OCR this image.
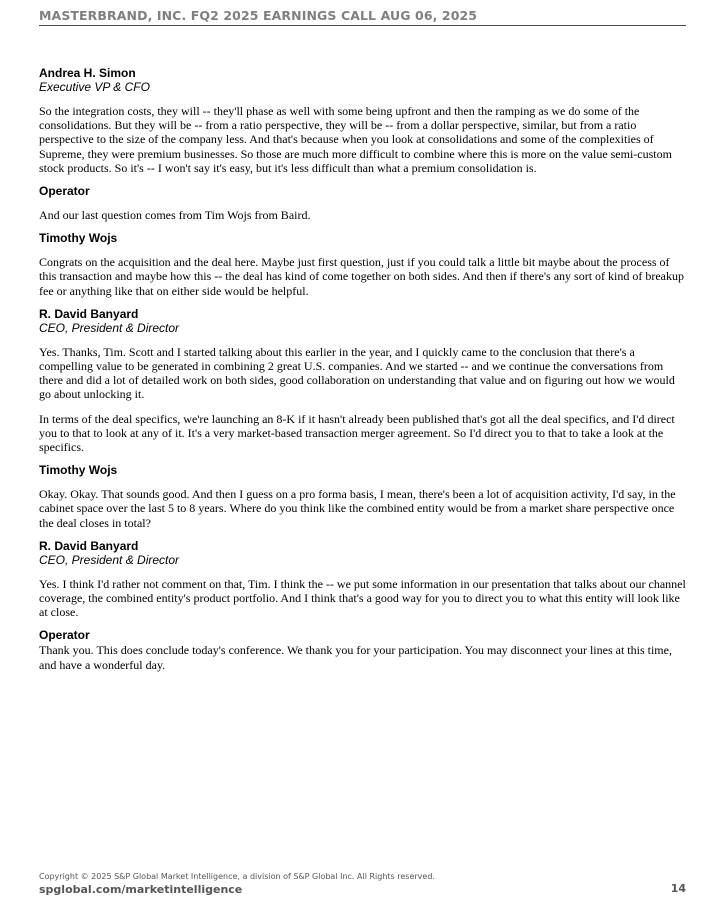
MASTERBRAND, INC. FQ2 2025 EARNINGS CALL AUG 06, 2025
Andrea H. Simon
Executive VP & CFO

So the integration costs, they will -- they'll phase as well with some being upfront and then the ramping as we do some of the consolidations. But they will be -- from a ratio perspective, they will be -- from a dollar perspective, similar, but from a ratio perspective to the size of the company less. And that's because when you look at consolidations and some of the complexities of Supreme, they were premium businesses. So those are much more difficult to combine where this is more on the value semi-custom stock products. So it's -- I won't say it's easy, but it's less difficult than what a premium consolidation is.

Operator

And our last question comes from Tim Wojs from Baird.

Timothy Wojs

Congrats on the acquisition and the deal here. Maybe just first question, just if you could talk a little bit maybe about the process of this transaction and maybe how this -- the deal has kind of come together on both sides. And then if there's any sort of kind of breakup fee or anything like that on either side would be helpful.

R. David Banyard
CEO, President & Director

Yes. Thanks, Tim. Scott and I started talking about this earlier in the year, and I quickly came to the conclusion that there's a compelling value to be generated in combining 2 great U.S. companies. And we started -- and we continue the conversations from there and did a lot of detailed work on both sides, good collaboration on understanding that value and on figuring out how we would go about unlocking it.

In terms of the deal specifics, we're launching an 8-K if it hasn't already been published that's got all the deal specifics, and I'd direct you to that to look at any of it. It's a very market-based transaction merger agreement. So I'd direct you to that to take a look at the specifics.

Timothy Wojs

Okay. Okay. That sounds good. And then I guess on a pro forma basis, I mean, there's been a lot of acquisition activity, I'd say, in the cabinet space over the last 5 to 8 years. Where do you think like the combined entity would be from a market share perspective once the deal closes in total?

R. David Banyard
CEO, President & Director

Yes. I think I'd rather not comment on that, Tim. I think the -- we put some information in our presentation that talks about our channel coverage, the combined entity's product portfolio. And I think that's a good way for you to direct you to what this entity will look like at close.

Operator

Thank you. This does conclude today's conference. We thank you for your participation. You may disconnect your lines at this time, and have a wonderful day.

Copyright © 2025 S&P Global Market Intelligence, a division of S&P Global Inc. All Rights reserved.
spglobal.com/marketintelligence	14
